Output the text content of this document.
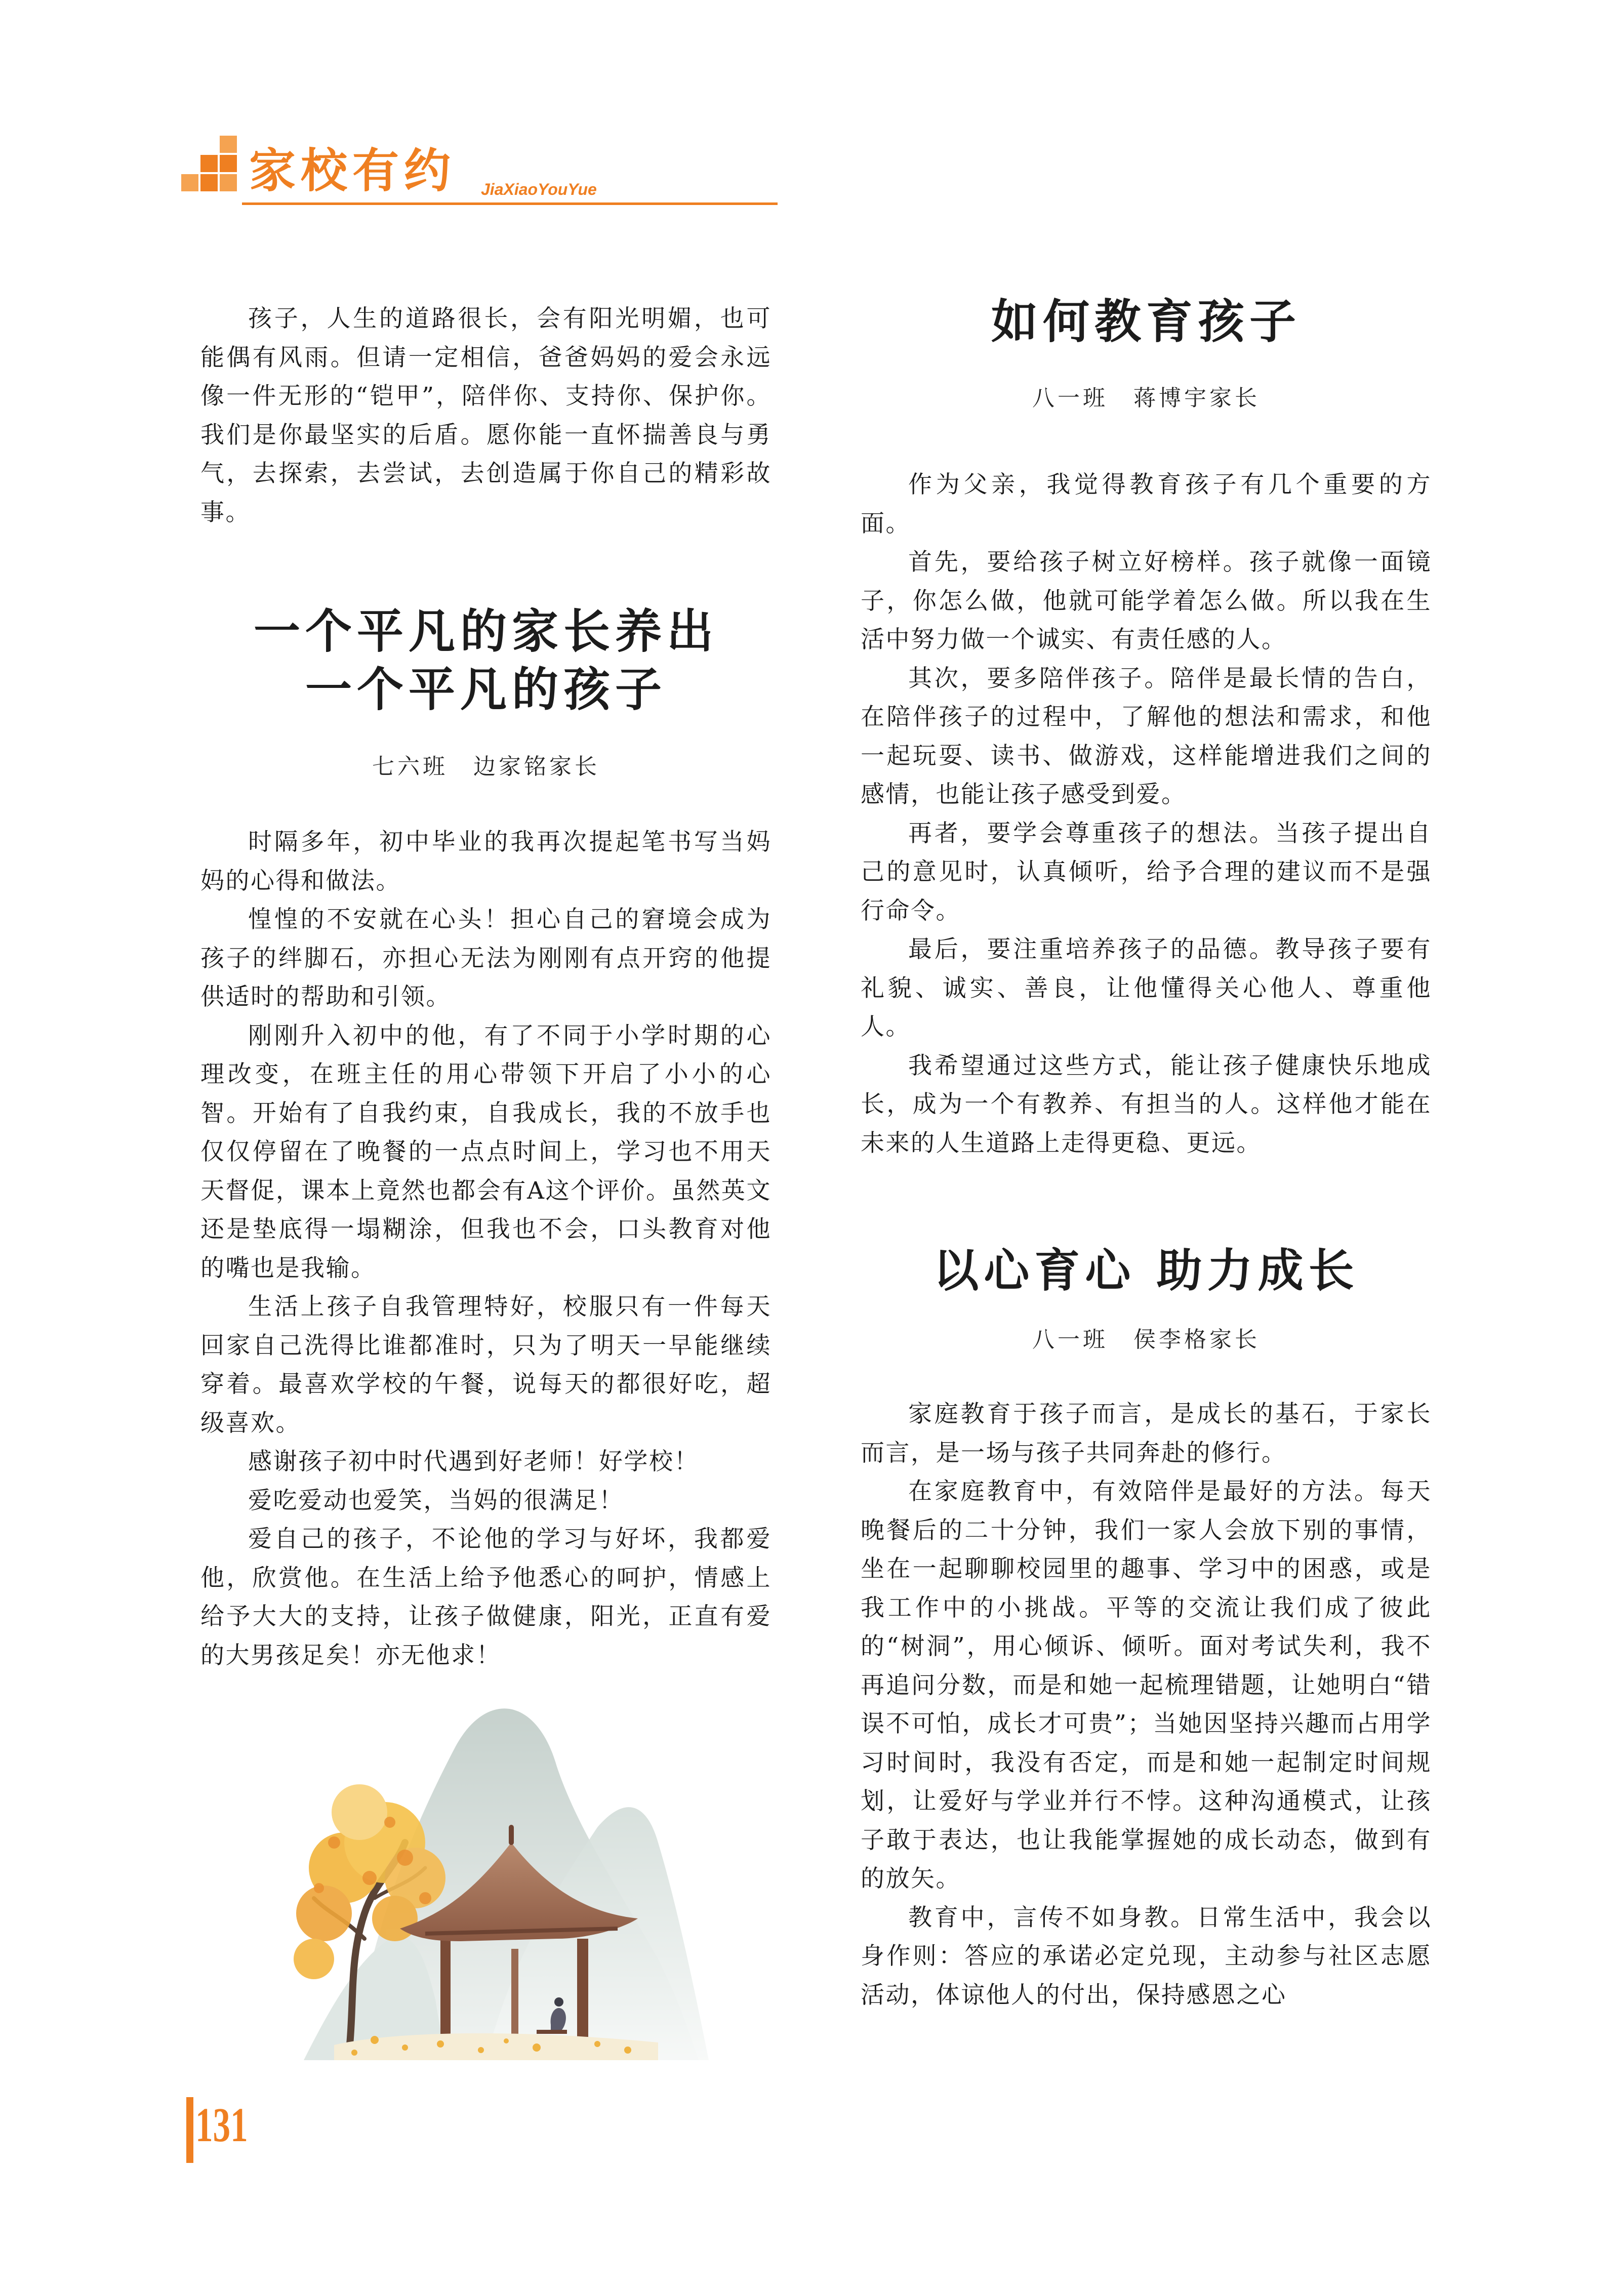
家校有约 JiaXiaoYouYue

孩子，人生的道路很长，会有阳光明媚，也可能偶有风雨。但请一定相信，爸爸妈妈的爱会永远像一件无形的“铠甲”，陪伴你、支持你、保护你。我们是你最坚实的后盾。愿你能一直怀揣善良与勇气，去探索，去尝试，去创造属于你自己的精彩故事。

一个平凡的家长养出
一个平凡的孩子
七六班　边家铭家长

时隔多年，初中毕业的我再次提起笔书写当妈妈的心得和做法。

惶惶的不安就在心头！担心自己的窘境会成为孩子的绊脚石，亦担心无法为刚刚有点开窍的他提供适时的帮助和引领。

刚刚升入初中的他，有了不同于小学时期的心理改变，在班主任的用心带领下开启了小小的心智。开始有了自我约束，自我成长，我的不放手也仅仅停留在了晚餐的一点点时间上，学习也不用天天督促，课本上竟然也都会有A这个评价。虽然英文还是垫底得一塌糊涂，但我也不会，口头教育对他的嘴也是我输。

生活上孩子自我管理特好，校服只有一件每天回家自己洗得比谁都准时，只为了明天一早能继续穿着。最喜欢学校的午餐，说每天的都很好吃，超级喜欢。

感谢孩子初中时代遇到好老师！好学校！

爱吃爱动也爱笑，当妈的很满足！

爱自己的孩子，不论他的学习与好坏，我都爱他，欣赏他。在生活上给予他悉心的呵护，情感上给予大大的支持，让孩子做健康，阳光，正直有爱的大男孩足矣！亦无他求！

如何教育孩子
八一班　蒋博宇家长

作为父亲，我觉得教育孩子有几个重要的方面。

首先，要给孩子树立好榜样。孩子就像一面镜子，你怎么做，他就可能学着怎么做。所以我在生活中努力做一个诚实、有责任感的人。

其次，要多陪伴孩子。陪伴是最长情的告白，在陪伴孩子的过程中，了解他的想法和需求，和他一起玩耍、读书、做游戏，这样能增进我们之间的感情，也能让孩子感受到爱。

再者，要学会尊重孩子的想法。当孩子提出自己的意见时，认真倾听，给予合理的建议而不是强行命令。

最后，要注重培养孩子的品德。教导孩子要有礼貌、诚实、善良，让他懂得关心他人、尊重他人。

我希望通过这些方式，能让孩子健康快乐地成长，成为一个有教养、有担当的人。这样他才能在未来的人生道路上走得更稳、更远。

以心育心 助力成长
八一班　侯李格家长

家庭教育于孩子而言，是成长的基石，于家长而言，是一场与孩子共同奔赴的修行。

在家庭教育中，有效陪伴是最好的方法。每天晚餐后的二十分钟，我们一家人会放下别的事情，坐在一起聊聊校园里的趣事、学习中的困惑，或是我工作中的小挑战。平等的交流让我们成了彼此的“树洞”，用心倾诉、倾听。面对考试失利，我不再追问分数，而是和她一起梳理错题，让她明白“错误不可怕，成长才可贵”；当她因坚持兴趣而占用学习时间时，我没有否定，而是和她一起制定时间规划，让爱好与学业并行不悖。这种沟通模式，让孩子敢于表达，也让我能掌握她的成长动态，做到有的放矢。

教育中，言传不如身教。日常生活中，我会以身作则：答应的承诺必定兑现，主动参与社区志愿活动，体谅他人的付出，保持感恩之心

131
